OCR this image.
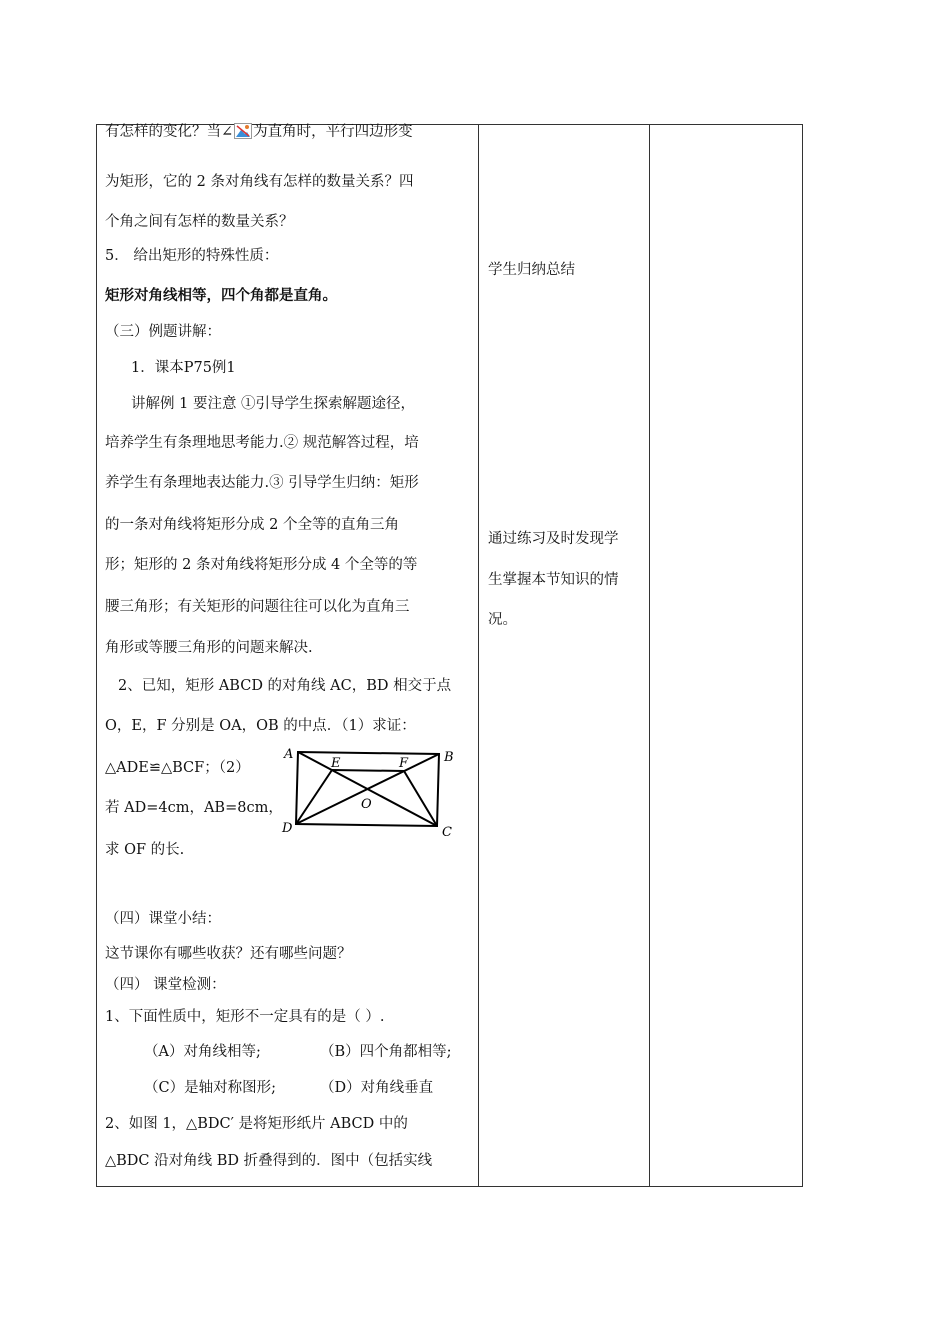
有怎样的变化？当∠ 为直角时，平行四边形变
为矩形，它的 2 条对角线有怎样的数量关系？四
个角之间有怎样的数量关系？
5． 给出矩形的特殊性质：
矩形对角线相等，四个角都是直角。
（三）例题讲解：
1．课本P75例1
讲解例 1 要注意 ①引导学生探索解题途径，
培养学生有条理地思考能力.② 规范解答过程，培
养学生有条理地表达能力.③ 引导学生归纳：矩形
的一条对角线将矩形分成 2 个全等的直角三角
形；矩形的 2 条对角线将矩形分成 4 个全等的等
腰三角形；有关矩形的问题往往可以化为直角三
角形或等腰三角形的问题来解决.
2、已知，矩形 ABCD 的对角线 AC，BD 相交于点
O，E，F 分别是 OA，OB 的中点．（1）求证：
△ADE≌△BCF；（2）
若 AD=4cm，AB=8cm，
求 OF 的长.
A	B
C
D
E	F
O
（四）课堂小结：
这节课你有哪些收获？还有哪些问题？
（四） 课堂检测：
1、下面性质中，矩形不一定具有的是（ ）.
（A）对角线相等;	（B）四个角都相等;
（C）是轴对称图形;	（D）对角线垂直
2、如图 1，△BDC′ 是将矩形纸片 ABCD 中的
△BDC 沿对角线 BD 折叠得到的．图中（包括实线
学生归纳总结
通过练习及时发现学
生掌握本节知识的情
况。
